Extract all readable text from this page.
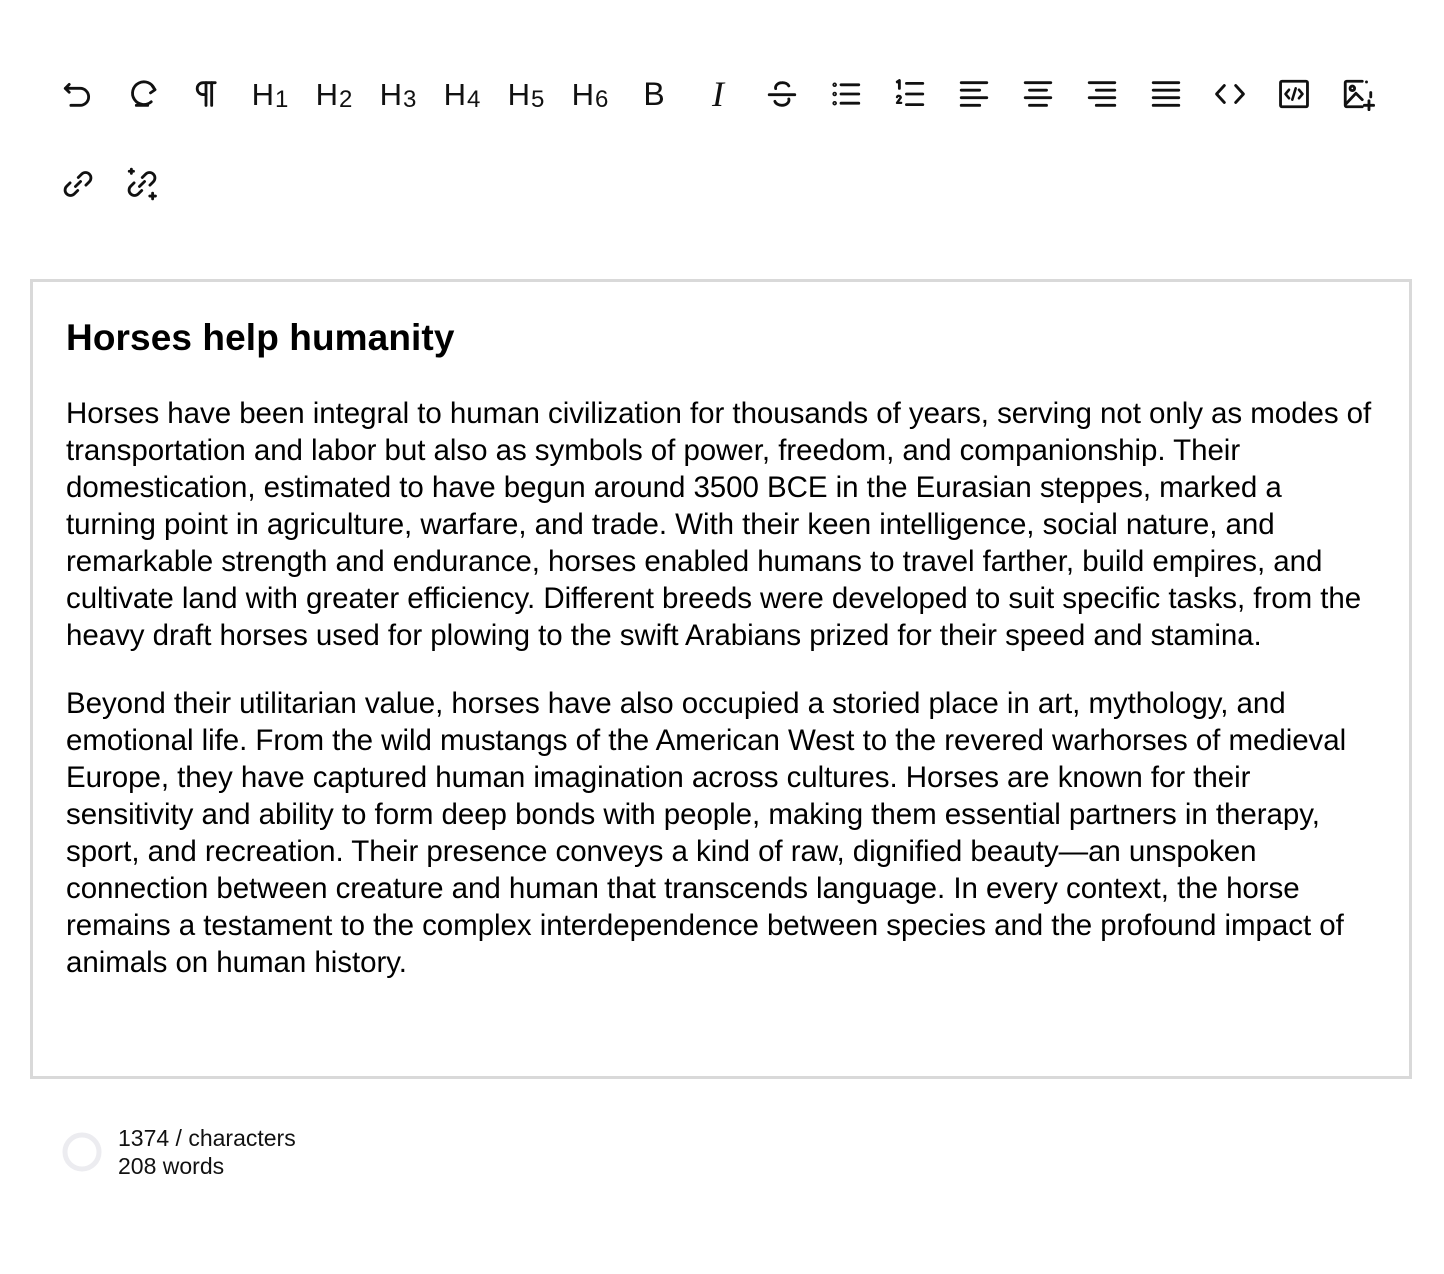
$H_1$ $H_2$ $H_3$ $H_4$ $H_5$ $H_6$ B I
Horses help humanity

Horses have been integral to human civilization for thousands of years, serving not only as modes of transportation and labor but also as symbols of power, freedom, and companionship. Their domestication, estimated to have begun around 3500 BCE in the Eurasian steppes, marked a turning point in agriculture, warfare, and trade. With their keen intelligence, social nature, and remarkable strength and endurance, horses enabled humans to travel farther, build empires, and cultivate land with greater efficiency. Different breeds were developed to suit specific tasks, from the heavy draft horses used for plowing to the swift Arabians prized for their speed and stamina.

Beyond their utilitarian value, horses have also occupied a storied place in art, mythology, and emotional life. From the wild mustangs of the American West to the revered warhorses of medieval Europe, they have captured human imagination across cultures. Horses are known for their sensitivity and ability to form deep bonds with people, making them essential partners in therapy, sport, and recreation. Their presence conveys a kind of raw, dignified beauty—an unspoken connection between creature and human that transcends language. In every context, the horse remains a testament to the complex interdependence between species and the profound impact of animals on human history.

1374 / characters
208 words
